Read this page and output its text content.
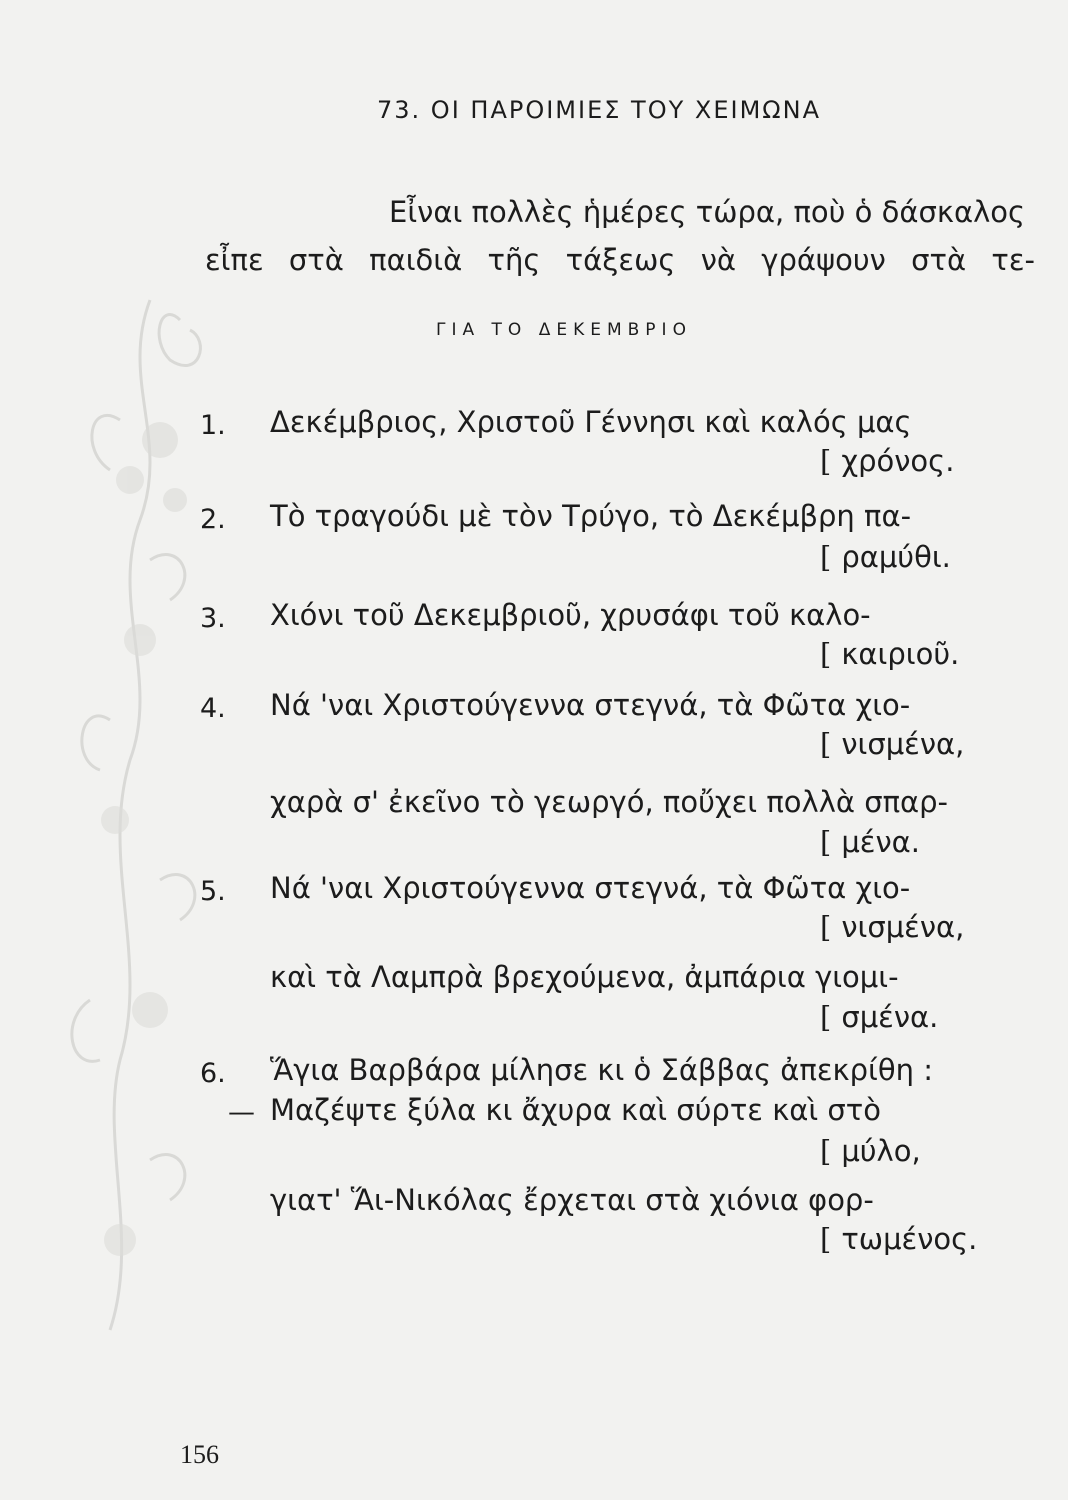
73. ΟΙ ΠΑΡΟΙΜΙΕΣ ΤΟΥ ΧΕΙΜΩΝΑ
Εἶναι πολλὲς ἡμέρες τώρα, ποὺ ὁ δάσκαλος
εἶπε στὰ παιδιὰ τῆς τάξεως νὰ γράψουν στὰ τε-
ΓΙΑ ΤΟ ΔΕΚΕΜΒΡΙΟ
1. Δεκέμβριος, Χριστοῦ Γέννησι καὶ καλός μας
[ χρόνος.
2. Τὸ τραγούδι μὲ τὸν Τρύγο, τὸ Δεκέμβρη πα-
[ ραμύθι.
3. Χιόνι τοῦ Δεκεμβριοῦ, χρυσάφι τοῦ καλο-
[ καιριοῦ.
4. Νά 'ναι Χριστούγεννα στεγνά, τὰ Φῶτα χιο-
[ νισμένα,
χαρὰ σ' ἐκεῖνο τὸ γεωργό, ποὔχει πολλὰ σπαρ-
[ μένα.
5. Νά 'ναι Χριστούγεννα στεγνά, τὰ Φῶτα χιο-
[ νισμένα,
καὶ τὰ Λαμπρὰ βρεχούμενα, ἀμπάρια γιομι-
[ σμένα.
6. Ἅγια Βαρβάρα μίλησε κι ὁ Σάββας ἀπεκρίθη :
— Μαζέψτε ξύλα κι ἄχυρα καὶ σύρτε καὶ στὸ
[ μύλο,
γιατ' Ἅι-Νικόλας ἔρχεται στὰ χιόνια φορ-
[ τωμένος.
156
